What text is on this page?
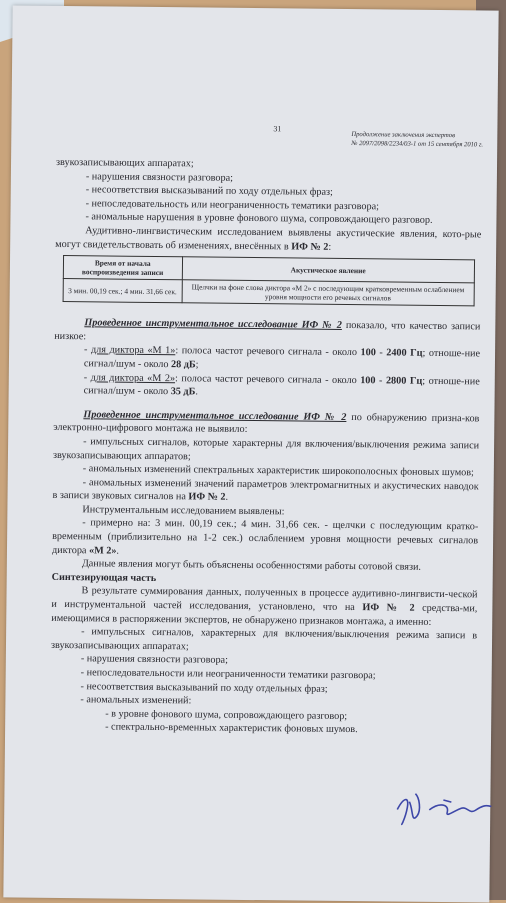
31
Продолжение заключения экспертов
№ 2097/2098/2234/03-1 от 15 сентября 2010 г.

звукозаписывающих аппаратах;

- нарушения связности разговора;

- несоответствия высказываний по ходу отдельных фраз;

- непоследовательность или неограниченность тематики разговора;

- аномальные нарушения в уровне фонового шума, сопровождающего разговор.

Аудитивно-лингвистическим исследованием выявлены акустические явления, кото-рые могут свидетельствовать об изменениях, внесённых в ИФ № 2:

Время от начала воспроизведения записи	Акустическое явление
3 мин. 00,19 сек.; 4 мин. 31,66 сек.	Щелчки на фоне слова диктора «М 2» с последующим кратковременным ослаблением уровня мощности его речевых сигналов

Проведенное инструментальное исследование ИФ № 2 показало, что качество записи низкое:

- для диктора «М 1»: полоса частот речевого сигнала - около 100 - 2400 Гц; отноше-ние сигнал/шум - около 28 дБ;

- для диктора «М 2»: полоса частот речевого сигнала - около 100 - 2800 Гц; отноше-ние сигнал/шум - около 35 дБ.

Проведенное инструментальное исследование ИФ № 2 по обнаружению призна-ков электронно-цифрового монтажа не выявило:

- импульсных сигналов, которые характерны для включения/выключения режима записи звукозаписывающих аппаратов;

- аномальных изменений спектральных характеристик широкополосных фоновых шумов;

- аномальных изменений значений параметров электромагнитных и акустических наводок в записи звуковых сигналов на ИФ № 2.

Инструментальным исследованием выявлены:

- примерно на: 3 мин. 00,19 сек.; 4 мин. 31,66 сек. - щелчки с последующим кратко-временным (приблизительно на 1-2 сек.) ослаблением уровня мощности речевых сигналов диктора «М 2».

Данные явления могут быть объяснены особенностями работы сотовой связи.

Синтезирующая часть

В результате суммирования данных, полученных в процессе аудитивно-лингвисти-ческой и инструментальной частей исследования, установлено, что на ИФ № 2 средства-ми, имеющимися в распоряжении экспертов, не обнаружено признаков монтажа, а именно:

- импульсных сигналов, характерных для включения/выключения режима записи в звукозаписывающих аппаратах;

- нарушения связности разговора;

- непоследовательности или неограниченности тематики разговора;

- несоответствия высказываний по ходу отдельных фраз;

- аномальных изменений:

- в уровне фонового шума, сопровождающего разговор;

- спектрально-временных характеристик фоновых шумов.
